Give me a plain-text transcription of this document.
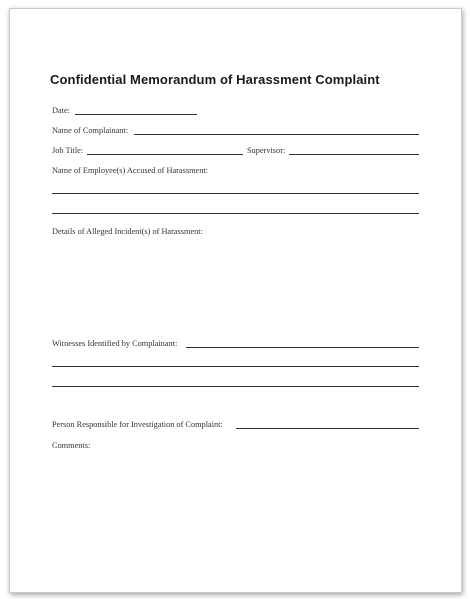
Confidential Memorandum of Harassment Complaint
Date:
Name of Complainant:
Job Title:	Supervisor:
Name of Employee(s) Accused of Harassment:
Details of Alleged Incident(s) of Harassment:
Witnesses Identified by Complainant:
Person Responsible for Investigation of Complaint:
Comments:
